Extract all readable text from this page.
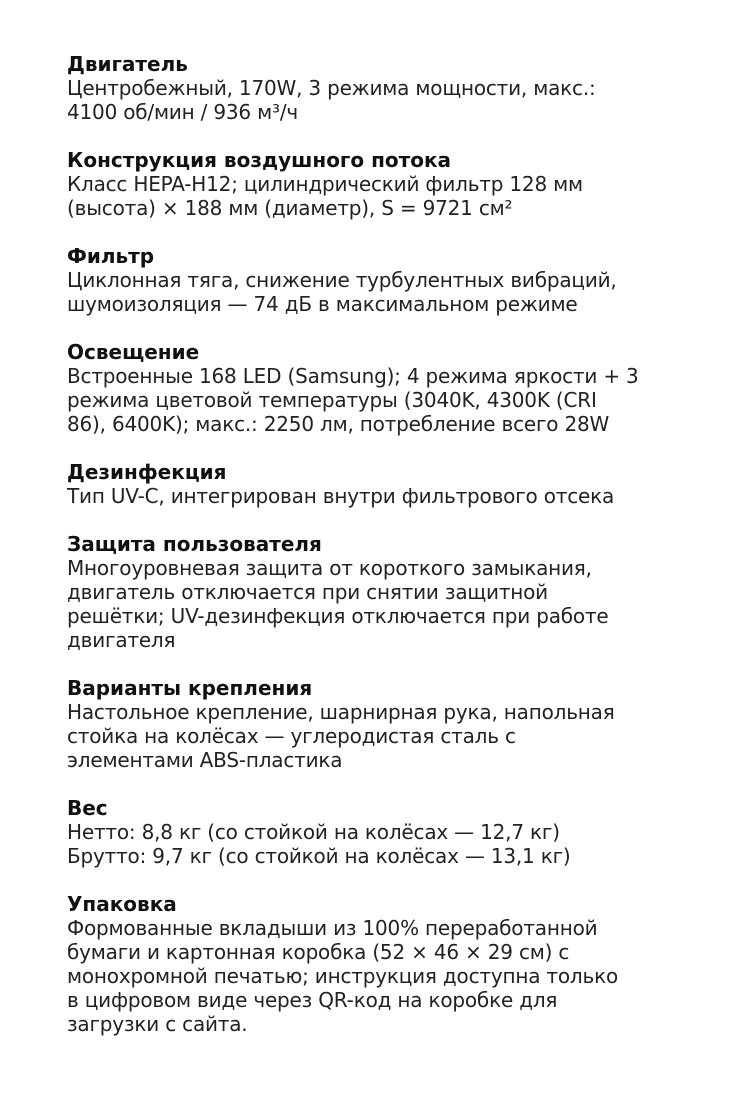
Двигатель
Центробежный, 170W, 3 режима мощности, макс.:
4100 об/мин / 936 м³/ч
Конструкция воздушного потока
Класс HEPA-H12; цилиндрический фильтр 128 мм
(высота) × 188 мм (диаметр), S = 9721 см²
Фильтр
Циклонная тяга, снижение турбулентных вибраций,
шумоизоляция — 74 дБ в максимальном режиме
Освещение
Встроенные 168 LED (Samsung); 4 режима яркости + 3
режима цветовой температуры (3040K, 4300K (CRI
86), 6400K); макс.: 2250 лм, потребление всего 28W
Дезинфекция
Тип UV-C, интегрирован внутри фильтрового отсека
Защита пользователя
Многоуровневая защита от короткого замыкания,
двигатель отключается при снятии защитной
решётки; UV-дезинфекция отключается при работе
двигателя
Варианты крепления
Настольное крепление, шарнирная рука, напольная
стойка на колёсах — углеродистая сталь с
элементами ABS-пластика
Вес
Нетто: 8,8 кг (со стойкой на колёсах — 12,7 кг)
Брутто: 9,7 кг (со стойкой на колёсах — 13,1 кг)
Упаковка
Формованные вкладыши из 100% переработанной
бумаги и картонная коробка (52 × 46 × 29 см) с
монохромной печатью; инструкция доступна только
в цифровом виде через QR-код на коробке для
загрузки с сайта.
